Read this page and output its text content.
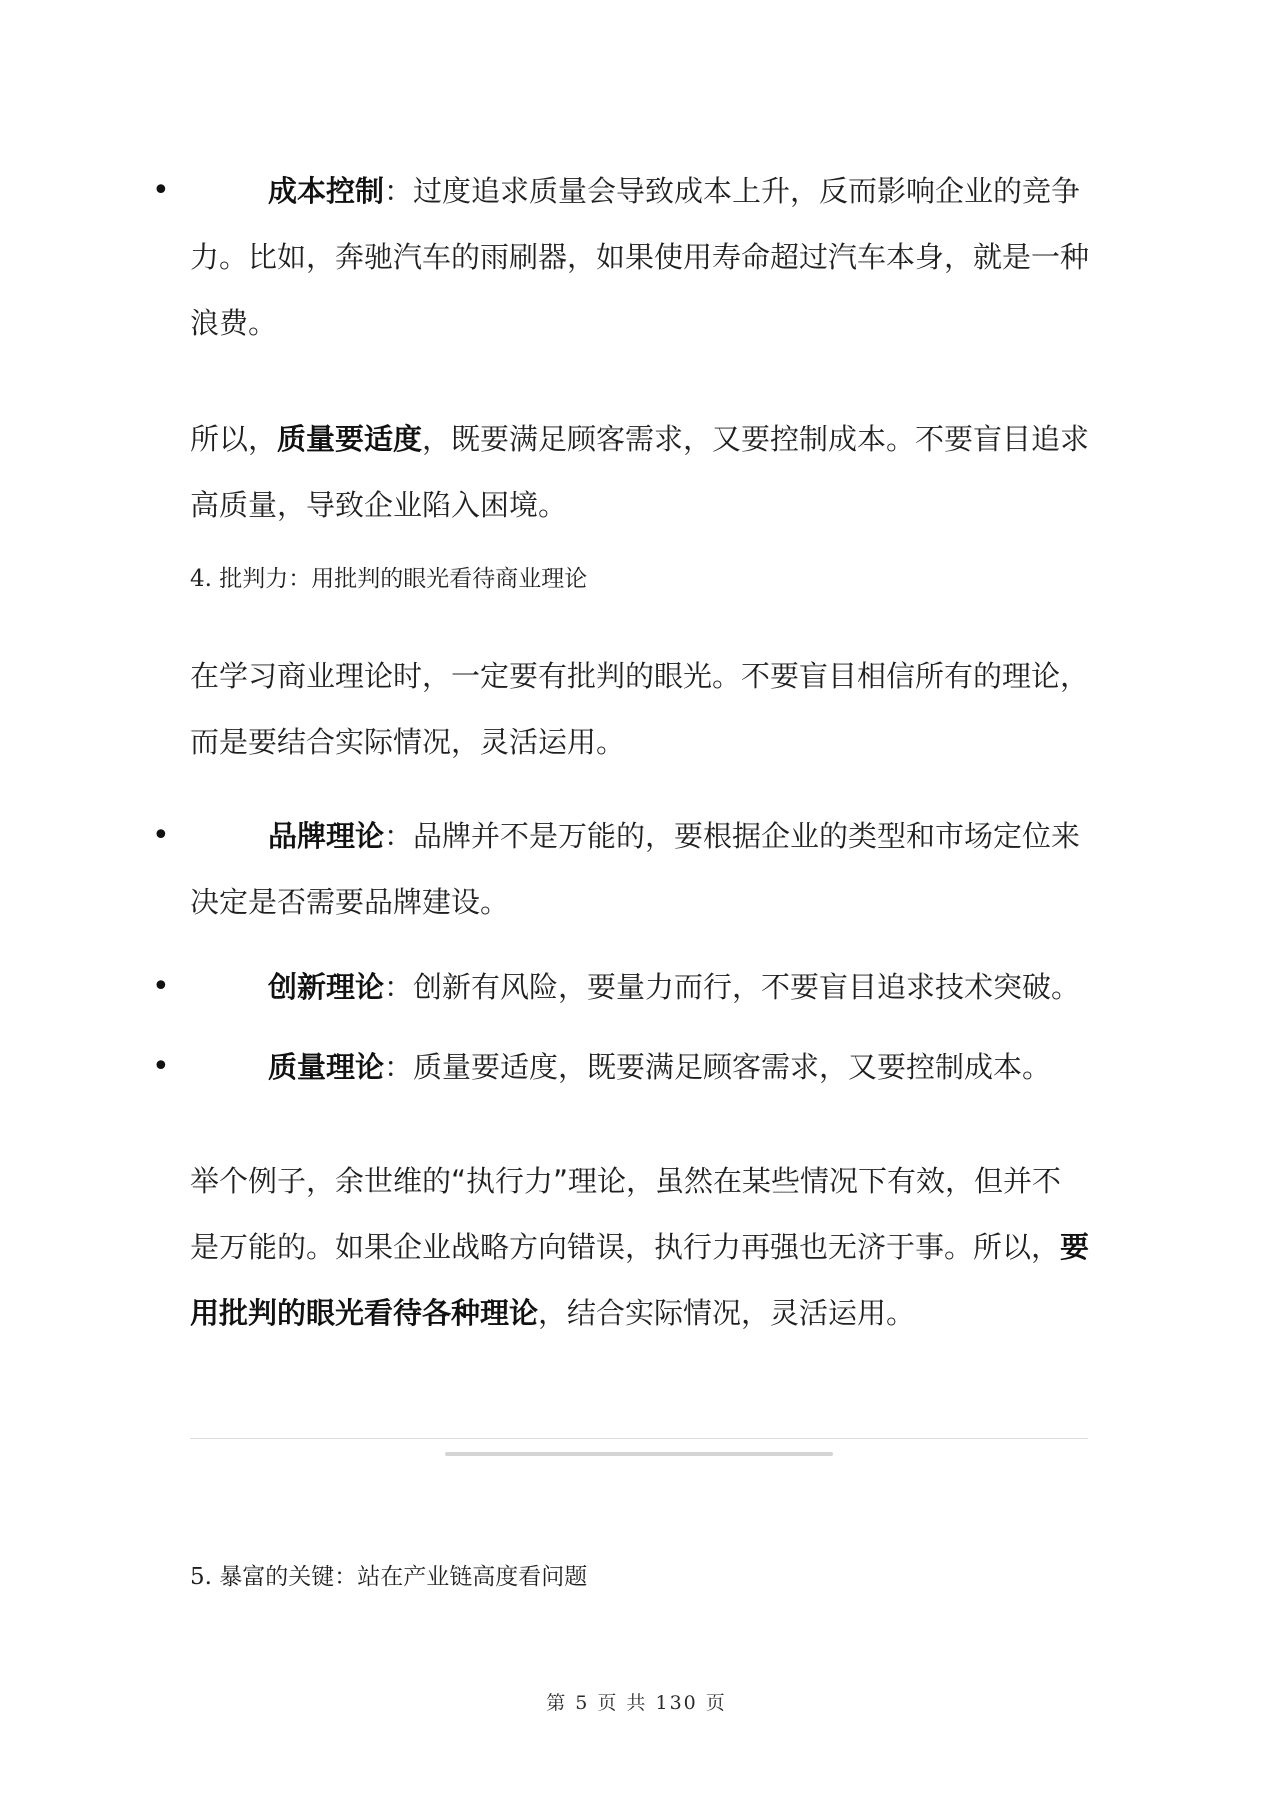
•	成本控制：过度追求质量会导致成本上升，反而影响企业的竞争力。比如，奔驰汽车的雨刷器，如果使用寿命超过汽车本身，就是一种浪费。
所以，质量要适度，既要满足顾客需求，又要控制成本。不要盲目追求高质量，导致企业陷入困境。
4. 批判力：用批判的眼光看待商业理论
在学习商业理论时，一定要有批判的眼光。不要盲目相信所有的理论，而是要结合实际情况，灵活运用。
•	品牌理论：品牌并不是万能的，要根据企业的类型和市场定位来决定是否需要品牌建设。
•	创新理论：创新有风险，要量力而行，不要盲目追求技术突破。
•	质量理论：质量要适度，既要满足顾客需求，又要控制成本。
举个例子，余世维的“执行力”理论，虽然在某些情况下有效，但并不是万能的。如果企业战略方向错误，执行力再强也无济于事。所以，要用批判的眼光看待各种理论，结合实际情况，灵活运用。
5. 暴富的关键：站在产业链高度看问题
第 5 页 共 130 页
